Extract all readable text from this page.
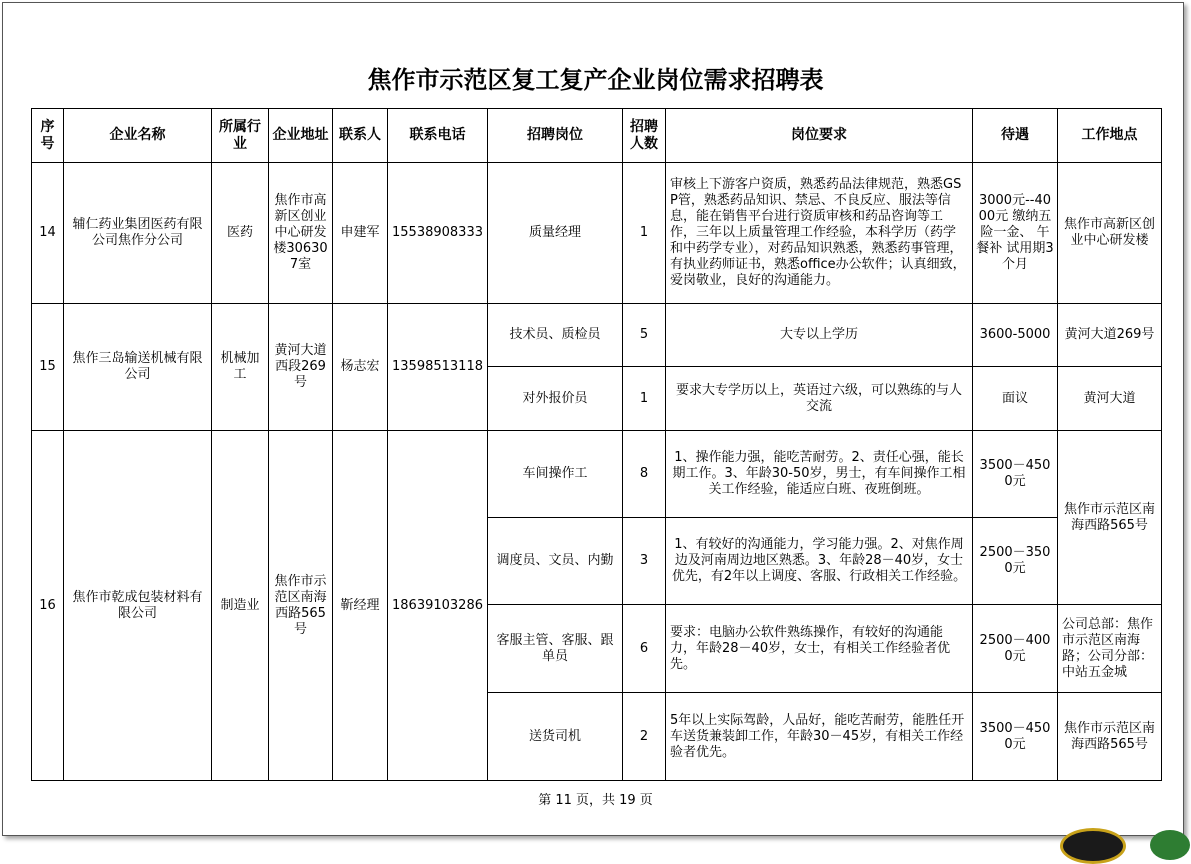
焦作市示范区复工复产企业岗位需求招聘表
序号	企业名称	所属行业	企业地址	联系人	联系电话	招聘岗位	招聘人数	岗位要求	待遇	工作地点
14	辅仁药业集团医药有限公司焦作分公司	医药	焦作市高新区创业中心研发楼306307室	申建军	15538908333	质量经理	1	审核上下游客户资质，熟悉药品法律规范，熟悉GSP管，熟悉药品知识、禁忌、不良反应、服法等信息，能在销售平台进行资质审核和药品咨询等工作，三年以上质量管理工作经验，本科学历（药学和中药学专业），对药品知识熟悉，熟悉药事管理，有执业药师证书，熟悉office办公软件；认真细致，爱岗敬业，良好的沟通能力。	3000元--4000元 缴纳五险一金、 午餐补 试用期3个月	焦作市高新区创业中心研发楼
15	焦作三岛输送机械有限公司	机械加工	黄河大道西段269号	杨志宏	13598513118	技术员、质检员	5	大专以上学历	3600-5000	黄河大道269号
						对外报价员	1	要求大专学历以上，英语过六级，可以熟练的与人交流	面议	黄河大道
16	焦作市乾成包装材料有限公司	制造业	焦作市示范区南海西路565号	靳经理	18639103286	车间操作工	8	1、操作能力强，能吃苦耐劳。2、责任心强，能长期工作。3、年龄30-50岁，男士，有车间操作工相关工作经验，能适应白班、夜班倒班。	3500－4500元	焦作市示范区南海西路565号
						调度员、文员、内勤	3	1、有较好的沟通能力，学习能力强。2、对焦作周边及河南周边地区熟悉。3、年龄28－40岁，女士优先，有2年以上调度、客服、行政相关工作经验。	2500－3500元	
						客服主管、客服、跟单员	6	要求：电脑办公软件熟练操作，有较好的沟通能力，年龄28－40岁，女士，有相关工作经验者优先。	2500－4000元	公司总部：焦作市示范区南海路；公司分部：中站五金城
						送货司机	2	5年以上实际驾龄，人品好，能吃苦耐劳，能胜任开车送货兼装卸工作，年龄30－45岁，有相关工作经验者优先。	3500－4500元	焦作市示范区南海西路565号
第 11 页，共 19 页
